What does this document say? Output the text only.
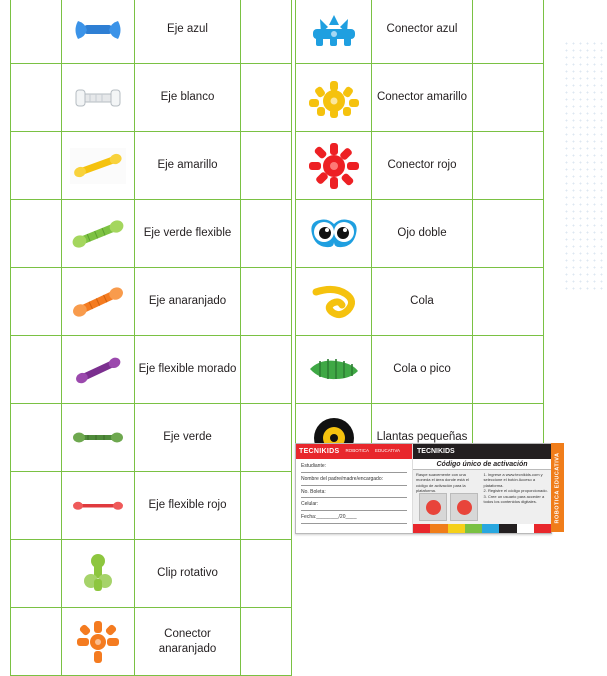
	Eje azul	

	Eje blanco	

	Eje amarillo	

	Eje verde flexible	

	Eje anaranjado	

	Eje flexible morado	

	Eje verde	

	Eje flexible rojo	

	Clip rotativo	

	Conector anaranjado	
	Conector azul	

	Conector amarillo	

	Conector rojo	

	Ojo doble	

	Cola	

	Cola o pico	

	Llantas pequeñas	
TECNIKIDS	ROBOTICA	EDUCATIVA
Estudiante:
Nombre del padre/madre/encargado:
No. Boleta:
Celular:
Fecha:________/20____
TECNIKIDS
Código único de activación
Raspe suavemente con una moneda el área donde está el código de activación para la plataforma.
1. Ingrese a www.tecnikids.com y seleccione el botón Acceso a plataforma.
2. Registre el código proporcionado.
3. Cree un usuario para acceder a todos los contenidos digitales.	ROBOTICA EDUCATIVA
